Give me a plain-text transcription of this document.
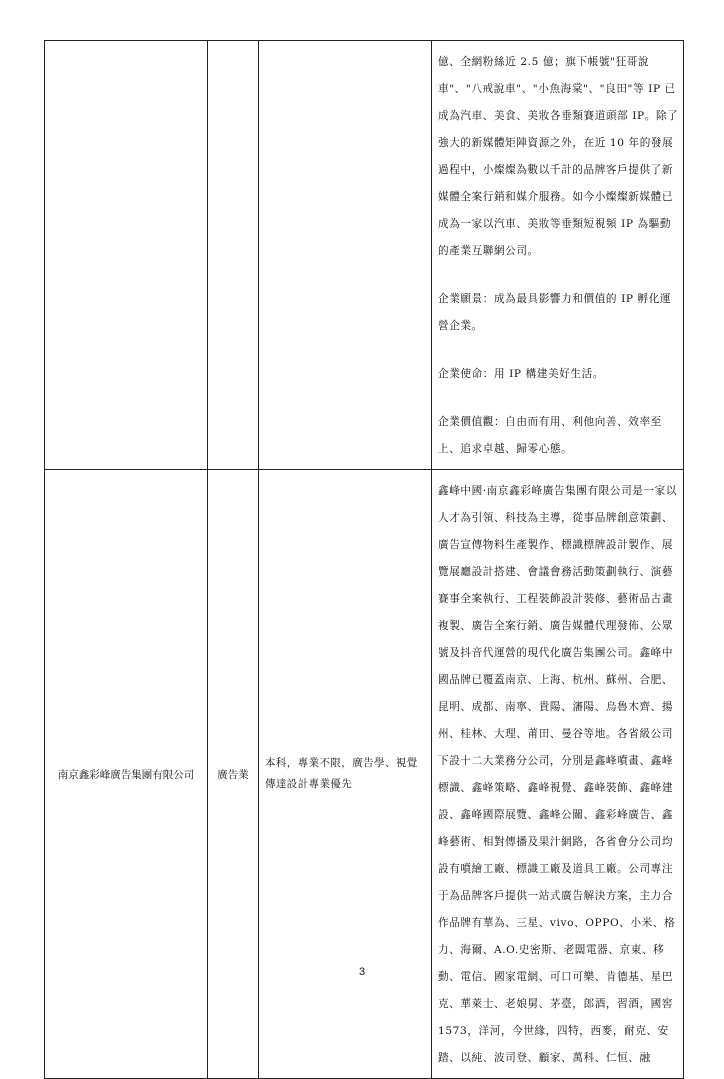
			億、全網粉絲近 2.5 億；旗下帳號"狂哥說車"、"八戒說車"、"小魚海棠"、"良田"等 IP 已成為汽車、美食、美妝各垂類賽道頭部 IP。除了強大的新媒體矩陣資源之外，在近 10 年的發展過程中，小燦燦為數以千計的品牌客戶提供了新媒體全案行銷和媒介服務。如今小燦燦新媒體已成為一家以汽車、美妝等垂類短視頻 IP 為驅動的產業互聯網公司。

企業願景：成為最具影響力和價值的 IP 孵化運營企業。

企業使命：用 IP 構建美好生活。

企業價值觀：自由而有用、利他向善、效率至上、追求卓越、歸零心態。

南京鑫彩峰廣告集團有限公司	廣告業	本科，專業不限，廣告學、視覺傳達設計專業優先	鑫峰中國·南京鑫彩峰廣告集團有限公司是一家以人才為引領、科技為主導，從事品牌創意策劃、廣告宣傳物料生產製作、標識標牌設計製作、展覽展廳設計搭建、會議會務活動策劃執行、演藝賽事全案執行、工程裝飾設計裝修、藝術品古畫複製、廣告全案行銷、廣告媒體代理發佈、公眾號及抖音代運營的現代化廣告集團公司。鑫峰中國品牌已覆蓋南京、上海、杭州、蘇州、合肥、昆明、成都、南寧、貴陽、瀋陽、烏魯木齊、揚州、桂林、大理、莆田、曼谷等地。各省級公司下設十二大業務分公司，分別是鑫峰噴畫、鑫峰標識、鑫峰策略、鑫峰視覺、鑫峰裝飾、鑫峰建設、鑫峰國際展覽、鑫峰公關、鑫彩峰廣告、鑫峰藝術、相對傳播及果汁網路，各省會分公司均設有噴繪工廠、標識工廠及道具工廠。公司專注于為品牌客戶提供一站式廣告解決方案，主力合作品牌有華為、三星、vivo、OPPO、小米、格力、海爾、A.O.史密斯、老闆電器、京東、移動、電信、國家電網、可口可樂、肯德基、星巴克、華萊士、老娘舅、茅臺，郎酒，習酒，國窖 1573，洋河，今世緣，四特，西麥，耐克、安踏、以純、波司登、顧家、萬科、仁恒、融

3
